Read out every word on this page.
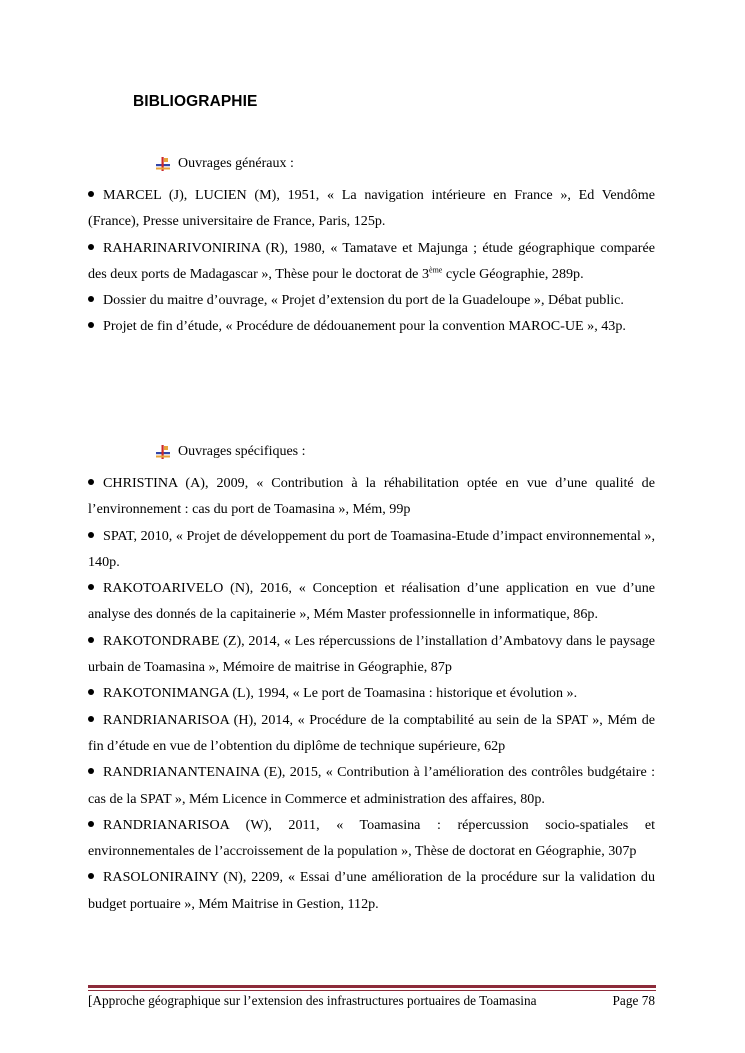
BIBLIOGRAPHIE
Ouvrages généraux :
MARCEL (J), LUCIEN (M), 1951, « La navigation intérieure en France », Ed Vendôme (France), Presse universitaire de France, Paris, 125p.
RAHARINARIVONIRINA (R), 1980, « Tamatave et Majunga ; étude géographique comparée des deux ports de Madagascar », Thèse pour le doctorat de 3ème cycle Géographie, 289p.
Dossier du maitre d’ouvrage, « Projet d’extension du port de la Guadeloupe », Débat public.
Projet de fin d’étude, « Procédure de dédouanement pour la convention MAROC-UE », 43p.
Ouvrages spécifiques :
CHRISTINA (A), 2009, « Contribution à la réhabilitation optée en vue d’une qualité de l’environnement : cas du port de Toamasina », Mém, 99p
SPAT, 2010, « Projet de développement du port de Toamasina-Etude d’impact environnemental », 140p.
RAKOTOARIVELO (N), 2016, « Conception et réalisation d’une application en vue d’une analyse des donnés de la capitainerie », Mém Master professionnelle in informatique, 86p.
RAKOTONDRABE (Z), 2014, « Les répercussions de l’installation d’Ambatovy dans le paysage urbain de Toamasina », Mémoire de maitrise in Géographie, 87p
RAKOTONIMANGA (L), 1994, « Le port de Toamasina : historique et évolution ».
RANDRIANARISOA (H), 2014, « Procédure de la comptabilité au sein de la SPAT », Mém de fin d’étude en vue de l’obtention du diplôme de technique supérieure, 62p
RANDRIANANTENAINA (E), 2015, « Contribution à l’amélioration des contrôles budgétaire : cas de la SPAT », Mém Licence in Commerce et administration des affaires, 80p.
RANDRIANARISOA (W), 2011, « Toamasina : répercussion socio-spatiales et environnementales de l’accroissement de la population », Thèse de doctorat en Géographie, 307p
RASOLONIRAINY (N), 2209, « Essai d’une amélioration de la procédure sur la validation du budget portuaire », Mém Maitrise in Gestion, 112p.
[Approche géographique sur l’extension des infrastructures portuaires de Toamasina	Page 78
